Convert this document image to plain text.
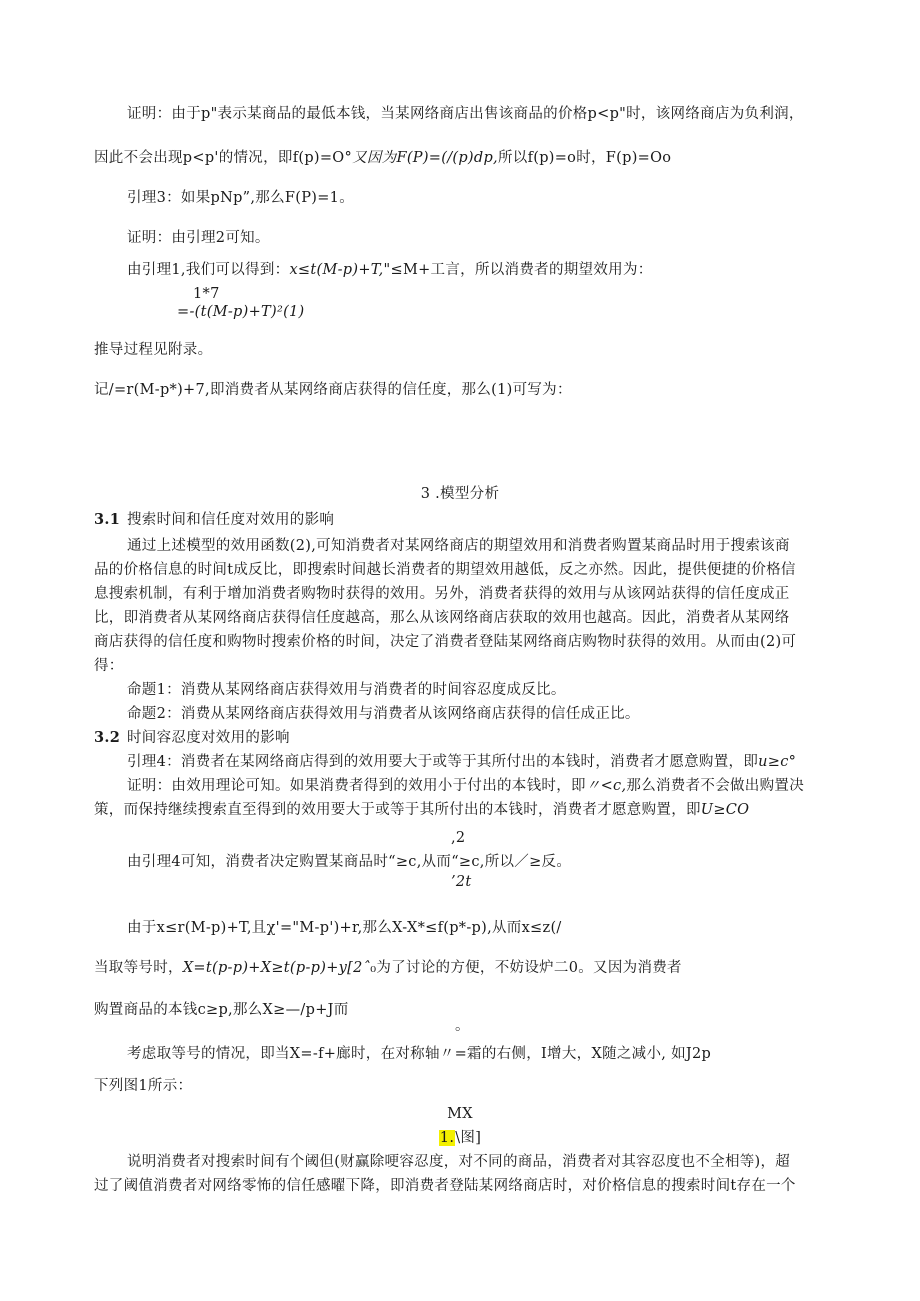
证明：由于p"表示某商品的最低本钱，当某网络商店出售该商品的价格p<p"时，该网络商店为负利润，
因此不会出现p<p'的情况，即f(p)=O°又因为F(P)=(/(p)dp,所以f(p)=o时，F(p)=Oo
引理3：如果pNp”,那么F(P)=1。
证明：由引理2可知。
由引理1,我们可以得到：x≤t(M-p)+T,"≤M+工言，所以消费者的期望效用为：
1*7
=-(t(M-p)+T)²(1)
推导过程见附录。
记/=r(M-p*)+7,即消费者从某网络商店获得的信任度，那么(1)可写为：
3 .模型分析
3.1 搜索时间和信任度对效用的影响
通过上述模型的效用函数(2),可知消费者对某网络商店的期望效用和消费者购置某商品时用于搜索该商
品的价格信息的时间t成反比，即搜索时间越长消费者的期望效用越低，反之亦然。因此，提供便捷的价格信
息搜索机制，有利于增加消费者购物时获得的效用。另外，消费者获得的效用与从该网站获得的信任度成正
比，即消费者从某网络商店获得信任度越高，那么从该网络商店获取的效用也越高。因此，消费者从某网络
商店获得的信任度和购物时搜索价格的时间，决定了消费者登陆某网络商店购物时获得的效用。从而由(2)可
得：
命题1：消费从某网络商店获得效用与消费者的时间容忍度成反比。
命题2：消费从某网络商店获得效用与消费者从该网络商店获得的信任成正比。
3.2 时间容忍度对效用的影响
引理4：消费者在某网络商店得到的效用要大于或等于其所付出的本钱时，消费者才愿意购置，即u≥c°
证明：由效用理论可知。如果消费者得到的效用小于付出的本钱时，即〃<c,那么消费者不会做出购置决
策，而保持继续搜索直至得到的效用要大于或等于其所付出的本钱时，消费者才愿意购置，即U≥CO
,2
由引理4可知，消费者决定购置某商品时“≥c,从而“≥c,所以／≥反。
’2t
由于x≤r(M-p)+T,且χ'="M-p')+r,那么X-X*≤f(p*-p),从而x≤z(/
当取等号时，X=t(p-p)+X≥t(p-p)+y[2ˆ₀为了讨论的方便，不妨设炉二0。又因为消费者
购置商品的本钱c≥p,那么X≥—/p+J而
。
考虑取等号的情况，即当X=-f+廊时，在对称轴〃=霜的右侧，I增大，X随之减小, 如J2p
下列图1所示：
MX
1.\图]
说明消费者对搜索时间有个阈但(财赢除哽容忍度，对不同的商品，消费者对其容忍度也不全相等)，超
过了阈值消费者对网络零怖的信任感曜下降，即消费者登陆某网络商店时，对价格信息的搜索时间t存在一个
